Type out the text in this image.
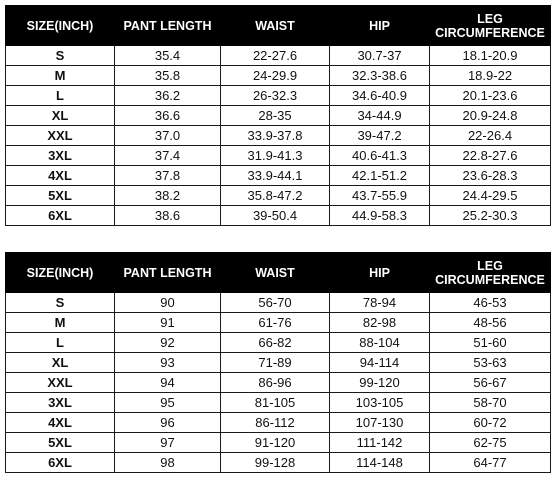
SIZE(INCH)	PANT LENGTH	WAIST	HIP	LEG CIRCUMFERENCE
S	35.4	22-27.6	30.7-37	18.1-20.9
M	35.8	24-29.9	32.3-38.6	18.9-22
L	36.2	26-32.3	34.6-40.9	20.1-23.6
XL	36.6	28-35	34-44.9	20.9-24.8
XXL	37.0	33.9-37.8	39-47.2	22-26.4
3XL	37.4	31.9-41.3	40.6-41.3	22.8-27.6
4XL	37.8	33.9-44.1	42.1-51.2	23.6-28.3
5XL	38.2	35.8-47.2	43.7-55.9	24.4-29.5
6XL	38.6	39-50.4	44.9-58.3	25.2-30.3
SIZE(INCH)	PANT LENGTH	WAIST	HIP	LEG CIRCUMFERENCE
S	90	56-70	78-94	46-53
M	91	61-76	82-98	48-56
L	92	66-82	88-104	51-60
XL	93	71-89	94-114	53-63
XXL	94	86-96	99-120	56-67
3XL	95	81-105	103-105	58-70
4XL	96	86-112	107-130	60-72
5XL	97	91-120	111-142	62-75
6XL	98	99-128	114-148	64-77
